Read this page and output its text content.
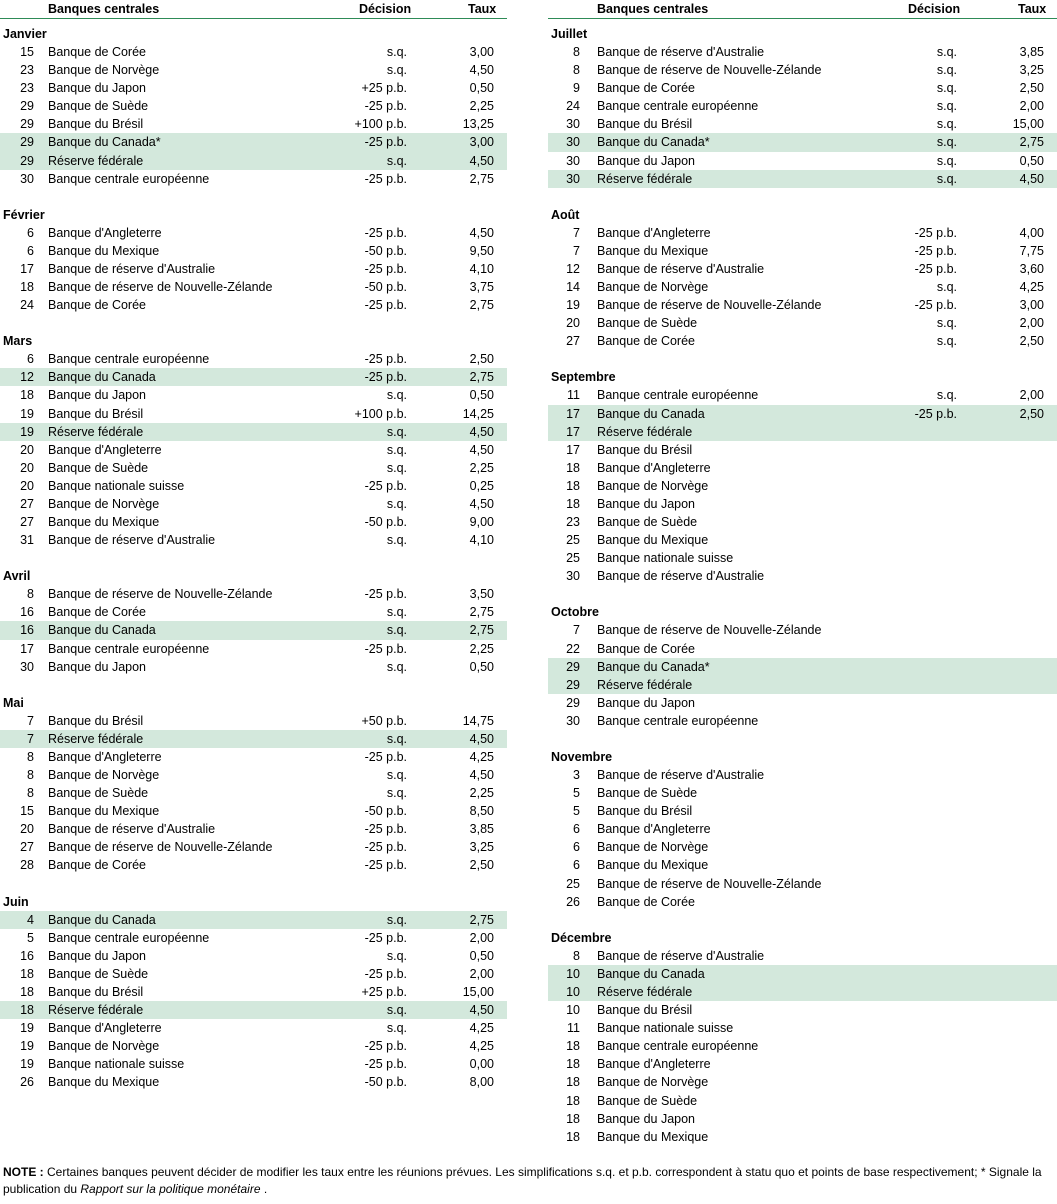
Banques centrales	Décision	Taux
Janvier
15 Banque de Corée	s.q.	3,00
23 Banque de Norvège	s.q.	4,50
23 Banque du Japon	+25 p.b.	0,50
29 Banque de Suède	-25 p.b.	2,25
29 Banque du Brésil	+100 p.b.	13,25
29 Banque du Canada*	-25 p.b.	3,00
29 Réserve fédérale	s.q.	4,50
30 Banque centrale européenne	-25 p.b.	2,75
Février
6 Banque d'Angleterre	-25 p.b.	4,50
6 Banque du Mexique	-50 p.b.	9,50
17 Banque de réserve d'Australie	-25 p.b.	4,10
18 Banque de réserve de Nouvelle-Zélande	-50 p.b.	3,75
24 Banque de Corée	-25 p.b.	2,75
Mars
6 Banque centrale européenne	-25 p.b.	2,50
12 Banque du Canada	-25 p.b.	2,75
18 Banque du Japon	s.q.	0,50
19 Banque du Brésil	+100 p.b.	14,25
19 Réserve fédérale	s.q.	4,50
20 Banque d'Angleterre	s.q.	4,50
20 Banque de Suède	s.q.	2,25
20 Banque nationale suisse	-25 p.b.	0,25
27 Banque de Norvège	s.q.	4,50
27 Banque du Mexique	-50 p.b.	9,00
31 Banque de réserve d'Australie	s.q.	4,10
Avril
8 Banque de réserve de Nouvelle-Zélande	-25 p.b.	3,50
16 Banque de Corée	s.q.	2,75
16 Banque du Canada	s.q.	2,75
17 Banque centrale européenne	-25 p.b.	2,25
30 Banque du Japon	s.q.	0,50
Mai
7 Banque du Brésil	+50 p.b.	14,75
7 Réserve fédérale	s.q.	4,50
8 Banque d'Angleterre	-25 p.b.	4,25
8 Banque de Norvège	s.q.	4,50
8 Banque de Suède	s.q.	2,25
15 Banque du Mexique	-50 p.b.	8,50
20 Banque de réserve d'Australie	-25 p.b.	3,85
27 Banque de réserve de Nouvelle-Zélande	-25 p.b.	3,25
28 Banque de Corée	-25 p.b.	2,50
Juin
4 Banque du Canada	s.q.	2,75
5 Banque centrale européenne	-25 p.b.	2,00
16 Banque du Japon	s.q.	0,50
18 Banque de Suède	-25 p.b.	2,00
18 Banque du Brésil	+25 p.b.	15,00
18 Réserve fédérale	s.q.	4,50
19 Banque d'Angleterre	s.q.	4,25
19 Banque de Norvège	-25 p.b.	4,25
19 Banque nationale suisse	-25 p.b.	0,00
26 Banque du Mexique	-50 p.b.	8,00
Banques centrales	Décision	Taux
Juillet
8 Banque de réserve d'Australie	s.q.	3,85
8 Banque de réserve de Nouvelle-Zélande	s.q.	3,25
9 Banque de Corée	s.q.	2,50
24 Banque centrale européenne	s.q.	2,00
30 Banque du Brésil	s.q.	15,00
30 Banque du Canada*	s.q.	2,75
30 Banque du Japon	s.q.	0,50
30 Réserve fédérale	s.q.	4,50
Août
7 Banque d'Angleterre	-25 p.b.	4,00
7 Banque du Mexique	-25 p.b.	7,75
12 Banque de réserve d'Australie	-25 p.b.	3,60
14 Banque de Norvège	s.q.	4,25
19 Banque de réserve de Nouvelle-Zélande	-25 p.b.	3,00
20 Banque de Suède	s.q.	2,00
27 Banque de Corée	s.q.	2,50
Septembre
11 Banque centrale européenne	s.q.	2,00
17 Banque du Canada	-25 p.b.	2,50
17 Réserve fédérale
17 Banque du Brésil
18 Banque d'Angleterre
18 Banque de Norvège
18 Banque du Japon
23 Banque de Suède
25 Banque du Mexique
25 Banque nationale suisse
30 Banque de réserve d'Australie
Octobre
7 Banque de réserve de Nouvelle-Zélande
22 Banque de Corée
29 Banque du Canada*
29 Réserve fédérale
29 Banque du Japon
30 Banque centrale européenne
Novembre
3 Banque de réserve d'Australie
5 Banque de Suède
5 Banque du Brésil
6 Banque d'Angleterre
6 Banque de Norvège
6 Banque du Mexique
25 Banque de réserve de Nouvelle-Zélande
26 Banque de Corée
Décembre
8 Banque de réserve d'Australie
10 Banque du Canada
10 Réserve fédérale
10 Banque du Brésil
11 Banque nationale suisse
18 Banque centrale européenne
18 Banque d'Angleterre
18 Banque de Norvège
18 Banque de Suède
18 Banque du Japon
18 Banque du Mexique
NOTE : Certaines banques peuvent décider de modifier les taux entre les réunions prévues. Les simplifications s.q. et p.b. correspondent à statu quo et points de base respectivement; * Signale la publication du Rapport sur la politique monétaire .
